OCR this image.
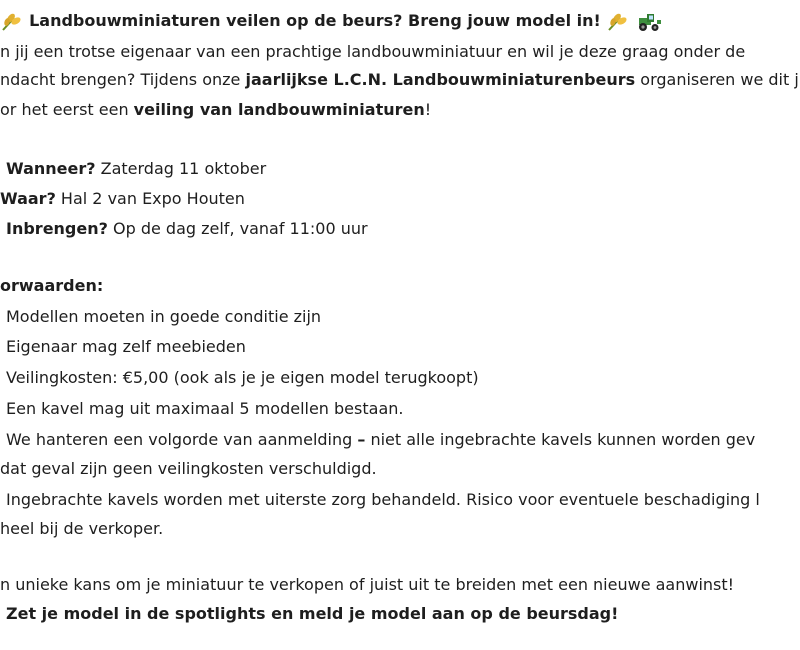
Landbouwminiaturen veilen op de beurs? Breng jouw model in!
n jij een trotse eigenaar van een prachtige landbouwminiatuur en wil je deze graag onder de
ndacht brengen? Tijdens onze jaarlijkse L.C.N. Landbouwminiaturenbeurs organiseren we dit j
or het eerst een veiling van landbouwminiaturen!
Wanneer? Zaterdag 11 oktober
Waar? Hal 2 van Expo Houten
Inbrengen? Op de dag zelf, vanaf 11:00 uur
orwaarden:
Modellen moeten in goede conditie zijn
Eigenaar mag zelf meebieden
Veilingkosten: €5,00 (ook als je je eigen model terugkoopt)
Een kavel mag uit maximaal 5 modellen bestaan.
We hanteren een volgorde van aanmelding – niet alle ingebrachte kavels kunnen worden gev
dat geval zijn geen veilingkosten verschuldigd.
Ingebrachte kavels worden met uiterste zorg behandeld. Risico voor eventuele beschadiging l
heel bij de verkoper.
n unieke kans om je miniatuur te verkopen of juist uit te breiden met een nieuwe aanwinst!
Zet je model in de spotlights en meld je model aan op de beursdag!
